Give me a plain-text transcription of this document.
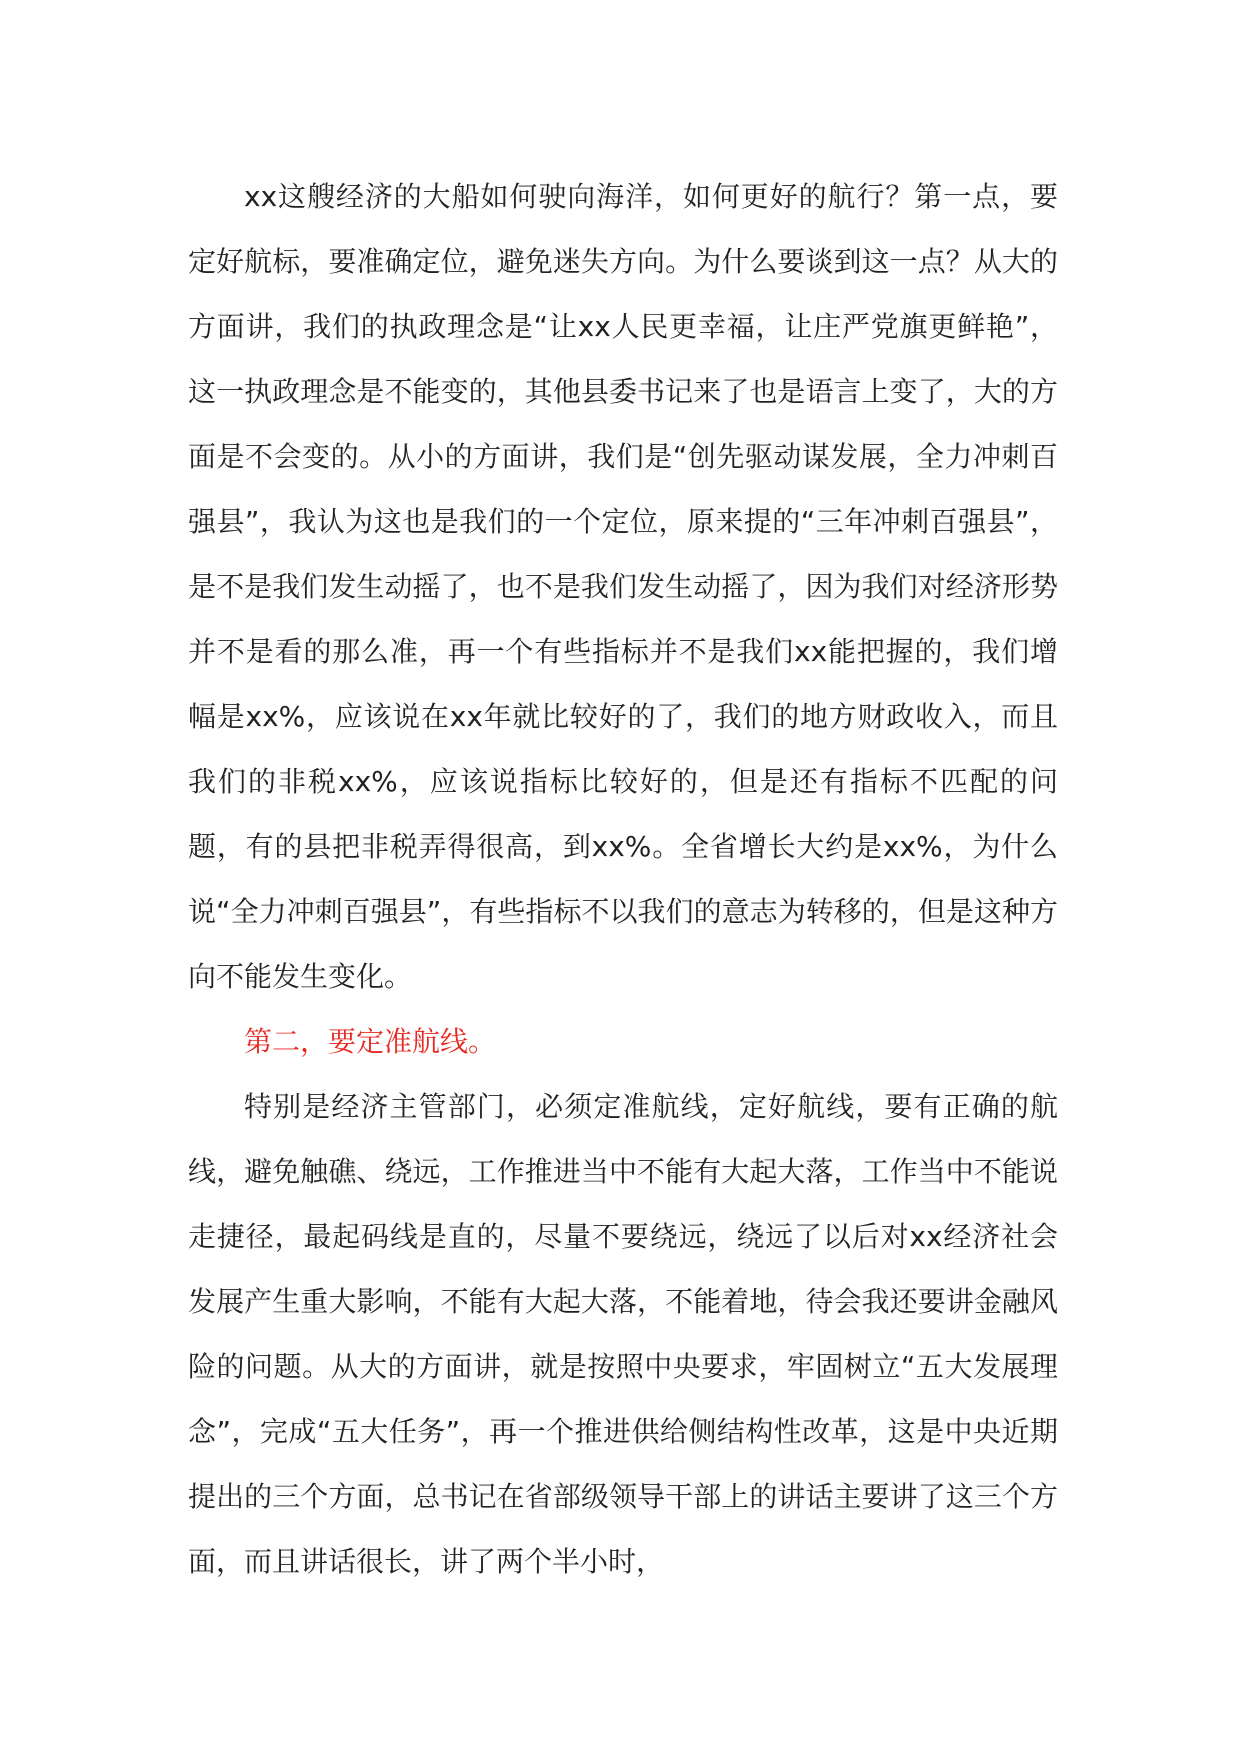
xx这艘经济的大船如何驶向海洋，如何更好的航行？第一点，要定好航标，要准确定位，避免迷失方向。为什么要谈到这一点？从大的方面讲，我们的执政理念是“让xx人民更幸福，让庄严党旗更鲜艳”，这一执政理念是不能变的，其他县委书记来了也是语言上变了，大的方面是不会变的。从小的方面讲，我们是“创先驱动谋发展，全力冲刺百强县”，我认为这也是我们的一个定位，原来提的“三年冲刺百强县”，是不是我们发生动摇了，也不是我们发生动摇了，因为我们对经济形势并不是看的那么准，再一个有些指标并不是我们xx能把握的，我们增幅是xx%，应该说在xx年就比较好的了，我们的地方财政收入，而且我们的非税xx%，应该说指标比较好的，但是还有指标不匹配的问题，有的县把非税弄得很高，到xx%。全省增长大约是xx%，为什么说“全力冲刺百强县”，有些指标不以我们的意志为转移的，但是这种方向不能发生变化。

第二，要定准航线。

特别是经济主管部门，必须定准航线，定好航线，要有正确的航线，避免触礁、绕远，工作推进当中不能有大起大落，工作当中不能说走捷径，最起码线是直的，尽量不要绕远，绕远了以后对xx经济社会发展产生重大影响，不能有大起大落，不能着地，待会我还要讲金融风险的问题。从大的方面讲，就是按照中央要求，牢固树立“五大发展理念”，完成“五大任务”，再一个推进供给侧结构性改革，这是中央近期提出的三个方面，总书记在省部级领导干部上的讲话主要讲了这三个方面，而且讲话很长，讲了两个半小时，
